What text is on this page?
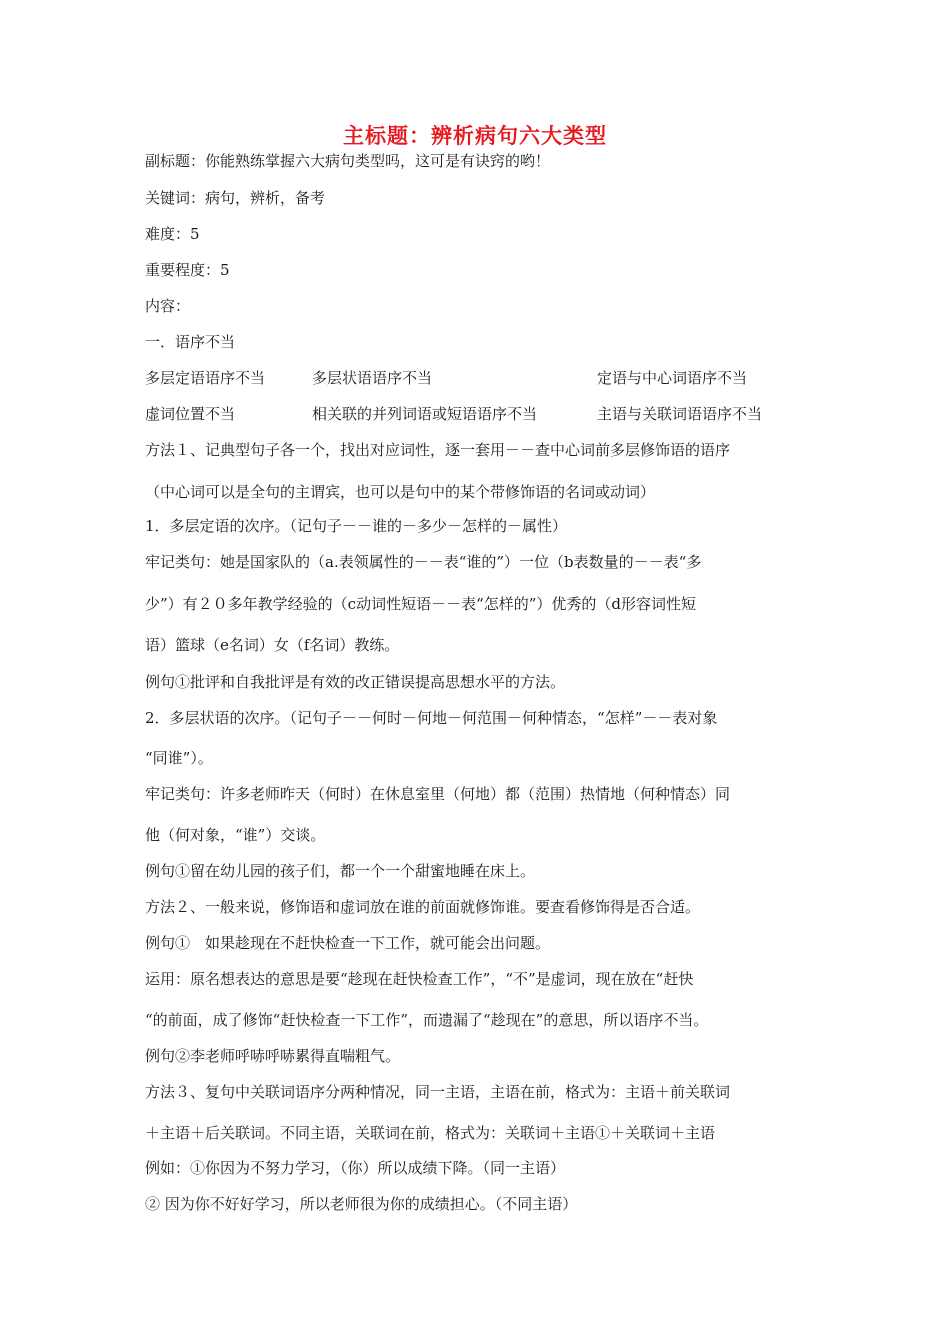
主标题：辨析病句六大类型
副标题：你能熟练掌握六大病句类型吗，这可是有诀窍的哟！
关键词：病句，辨析，备考
难度：5
重要程度：5
内容：
一．语序不当
多层定语语序不当	多层状语语序不当	定语与中心词语序不当
虚词位置不当	相关联的并列词语或短语语序不当	主语与关联词语语序不当
方法１、记典型句子各一个，找出对应词性，逐一套用－－查中心词前多层修饰语的语序
（中心词可以是全句的主谓宾，也可以是句中的某个带修饰语的名词或动词）
1．多层定语的次序。（记句子－－谁的－多少－怎样的－属性）
牢记类句：她是国家队的（a.表领属性的－－表“谁的”）一位（b表数量的－－表“多
少”）有２０多年教学经验的（c动词性短语－－表“怎样的”）优秀的（d形容词性短
语）篮球（e名词）女（f名词）教练。
例句①批评和自我批评是有效的改正错误提高思想水平的方法。
2．多层状语的次序。（记句子－－何时－何地－何范围－何种情态，“怎样”－－表对象
“同谁”）。
牢记类句：许多老师昨天（何时）在休息室里（何地）都（范围）热情地（何种情态）同
他（何对象，“谁”）交谈。
例句①留在幼儿园的孩子们，都一个一个甜蜜地睡在床上。
方法２、一般来说，修饰语和虚词放在谁的前面就修饰谁。要查看修饰得是否合适。
例句①　如果趁现在不赶快检查一下工作，就可能会出问题。
运用：原名想表达的意思是要“趁现在赶快检查工作”，“不”是虚词，现在放在“赶快
“的前面，成了修饰“赶快检查一下工作”，而遗漏了“趁现在”的意思，所以语序不当。
例句②李老师呼哧呼哧累得直喘粗气。
方法３、复句中关联词语序分两种情况，同一主语，主语在前，格式为：主语＋前关联词
＋主语＋后关联词。不同主语，关联词在前，格式为：关联词＋主语①＋关联词＋主语
例如：①你因为不努力学习，（你）所以成绩下降。（同一主语）
② 因为你不好好学习，所以老师很为你的成绩担心。（不同主语）
